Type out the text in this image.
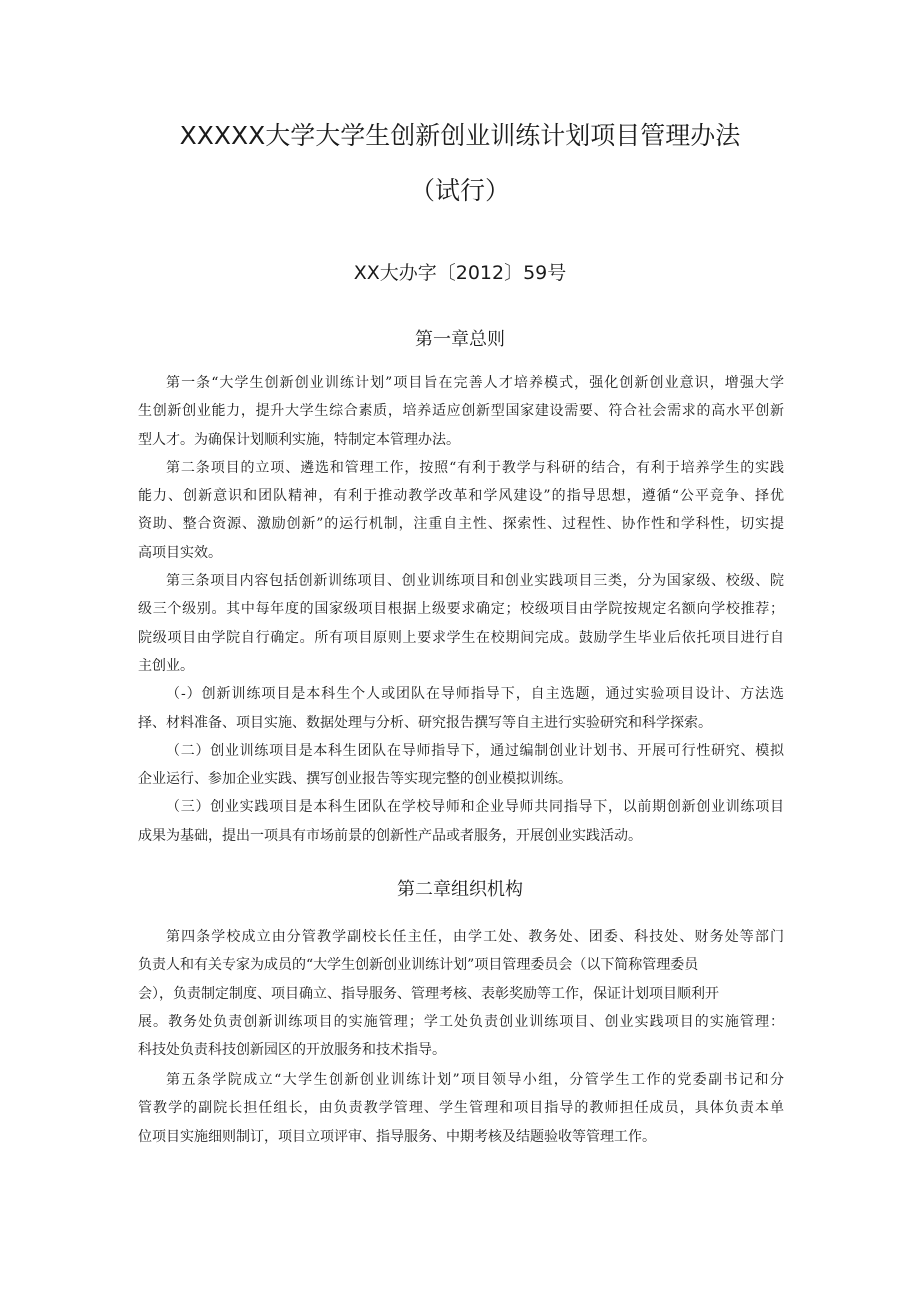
XXXXX大学大学生创新创业训练计划项目管理办法
（试行）
XX大办字〔2012〕59号
第一章总则
第一条“大学生创新创业训练计划”项目旨在完善人才培养模式，强化创新创业意识，增强大学
生创新创业能力，提升大学生综合素质，培养适应创新型国家建设需要、符合社会需求的高水平创新
型人才。为确保计划顺利实施，特制定本管理办法。
第二条项目的立项、遴选和管理工作，按照“有利于教学与科研的结合，有利于培养学生的实践
能力、创新意识和团队精神，有利于推动教学改革和学风建设”的指导思想，遵循“公平竞争、择优
资助、整合资源、激励创新”的运行机制，注重自主性、探索性、过程性、协作性和学科性，切实提
高项目实效。
第三条项目内容包括创新训练项目、创业训练项目和创业实践项目三类，分为国家级、校级、院
级三个级别。其中每年度的国家级项目根据上级要求确定；校级项目由学院按规定名额向学校推荐；
院级项目由学院自行确定。所有项目原则上要求学生在校期间完成。鼓励学生毕业后依托项目进行自
主创业。
（-）创新训练项目是本科生个人或团队在导师指导下，自主选题，通过实验项目设计、方法选
择、材料准备、项目实施、数据处理与分析、研究报告撰写等自主进行实验研究和科学探索。
（二）创业训练项目是本科生团队在导师指导下，通过编制创业计划书、开展可行性研究、模拟
企业运行、参加企业实践、撰写创业报告等实现完整的创业模拟训练。
（三）创业实践项目是本科生团队在学校导师和企业导师共同指导下，以前期创新创业训练项目
成果为基础，提出一项具有市场前景的创新性产品或者服务，开展创业实践活动。
第二章组织机构
第四条学校成立由分管教学副校长任主任，由学工处、教务处、团委、科技处、财务处等部门
负责人和有关专家为成员的“大学生创新创业训练计划”项目管理委员会（以下简称管理委员
会），负责制定制度、项目确立、指导服务、管理考核、表彰奖励等工作，保证计划项目顺利开
展。教务处负责创新训练项目的实施管理；学工处负责创业训练项目、创业实践项目的实施管理：
科技处负责科技创新园区的开放服务和技术指导。
第五条学院成立“大学生创新创业训练计划”项目领导小组，分管学生工作的党委副书记和分
管教学的副院长担任组长，由负责教学管理、学生管理和项目指导的教师担任成员，具体负责本单
位项目实施细则制订，项目立项评审、指导服务、中期考核及结题验收等管理工作。
